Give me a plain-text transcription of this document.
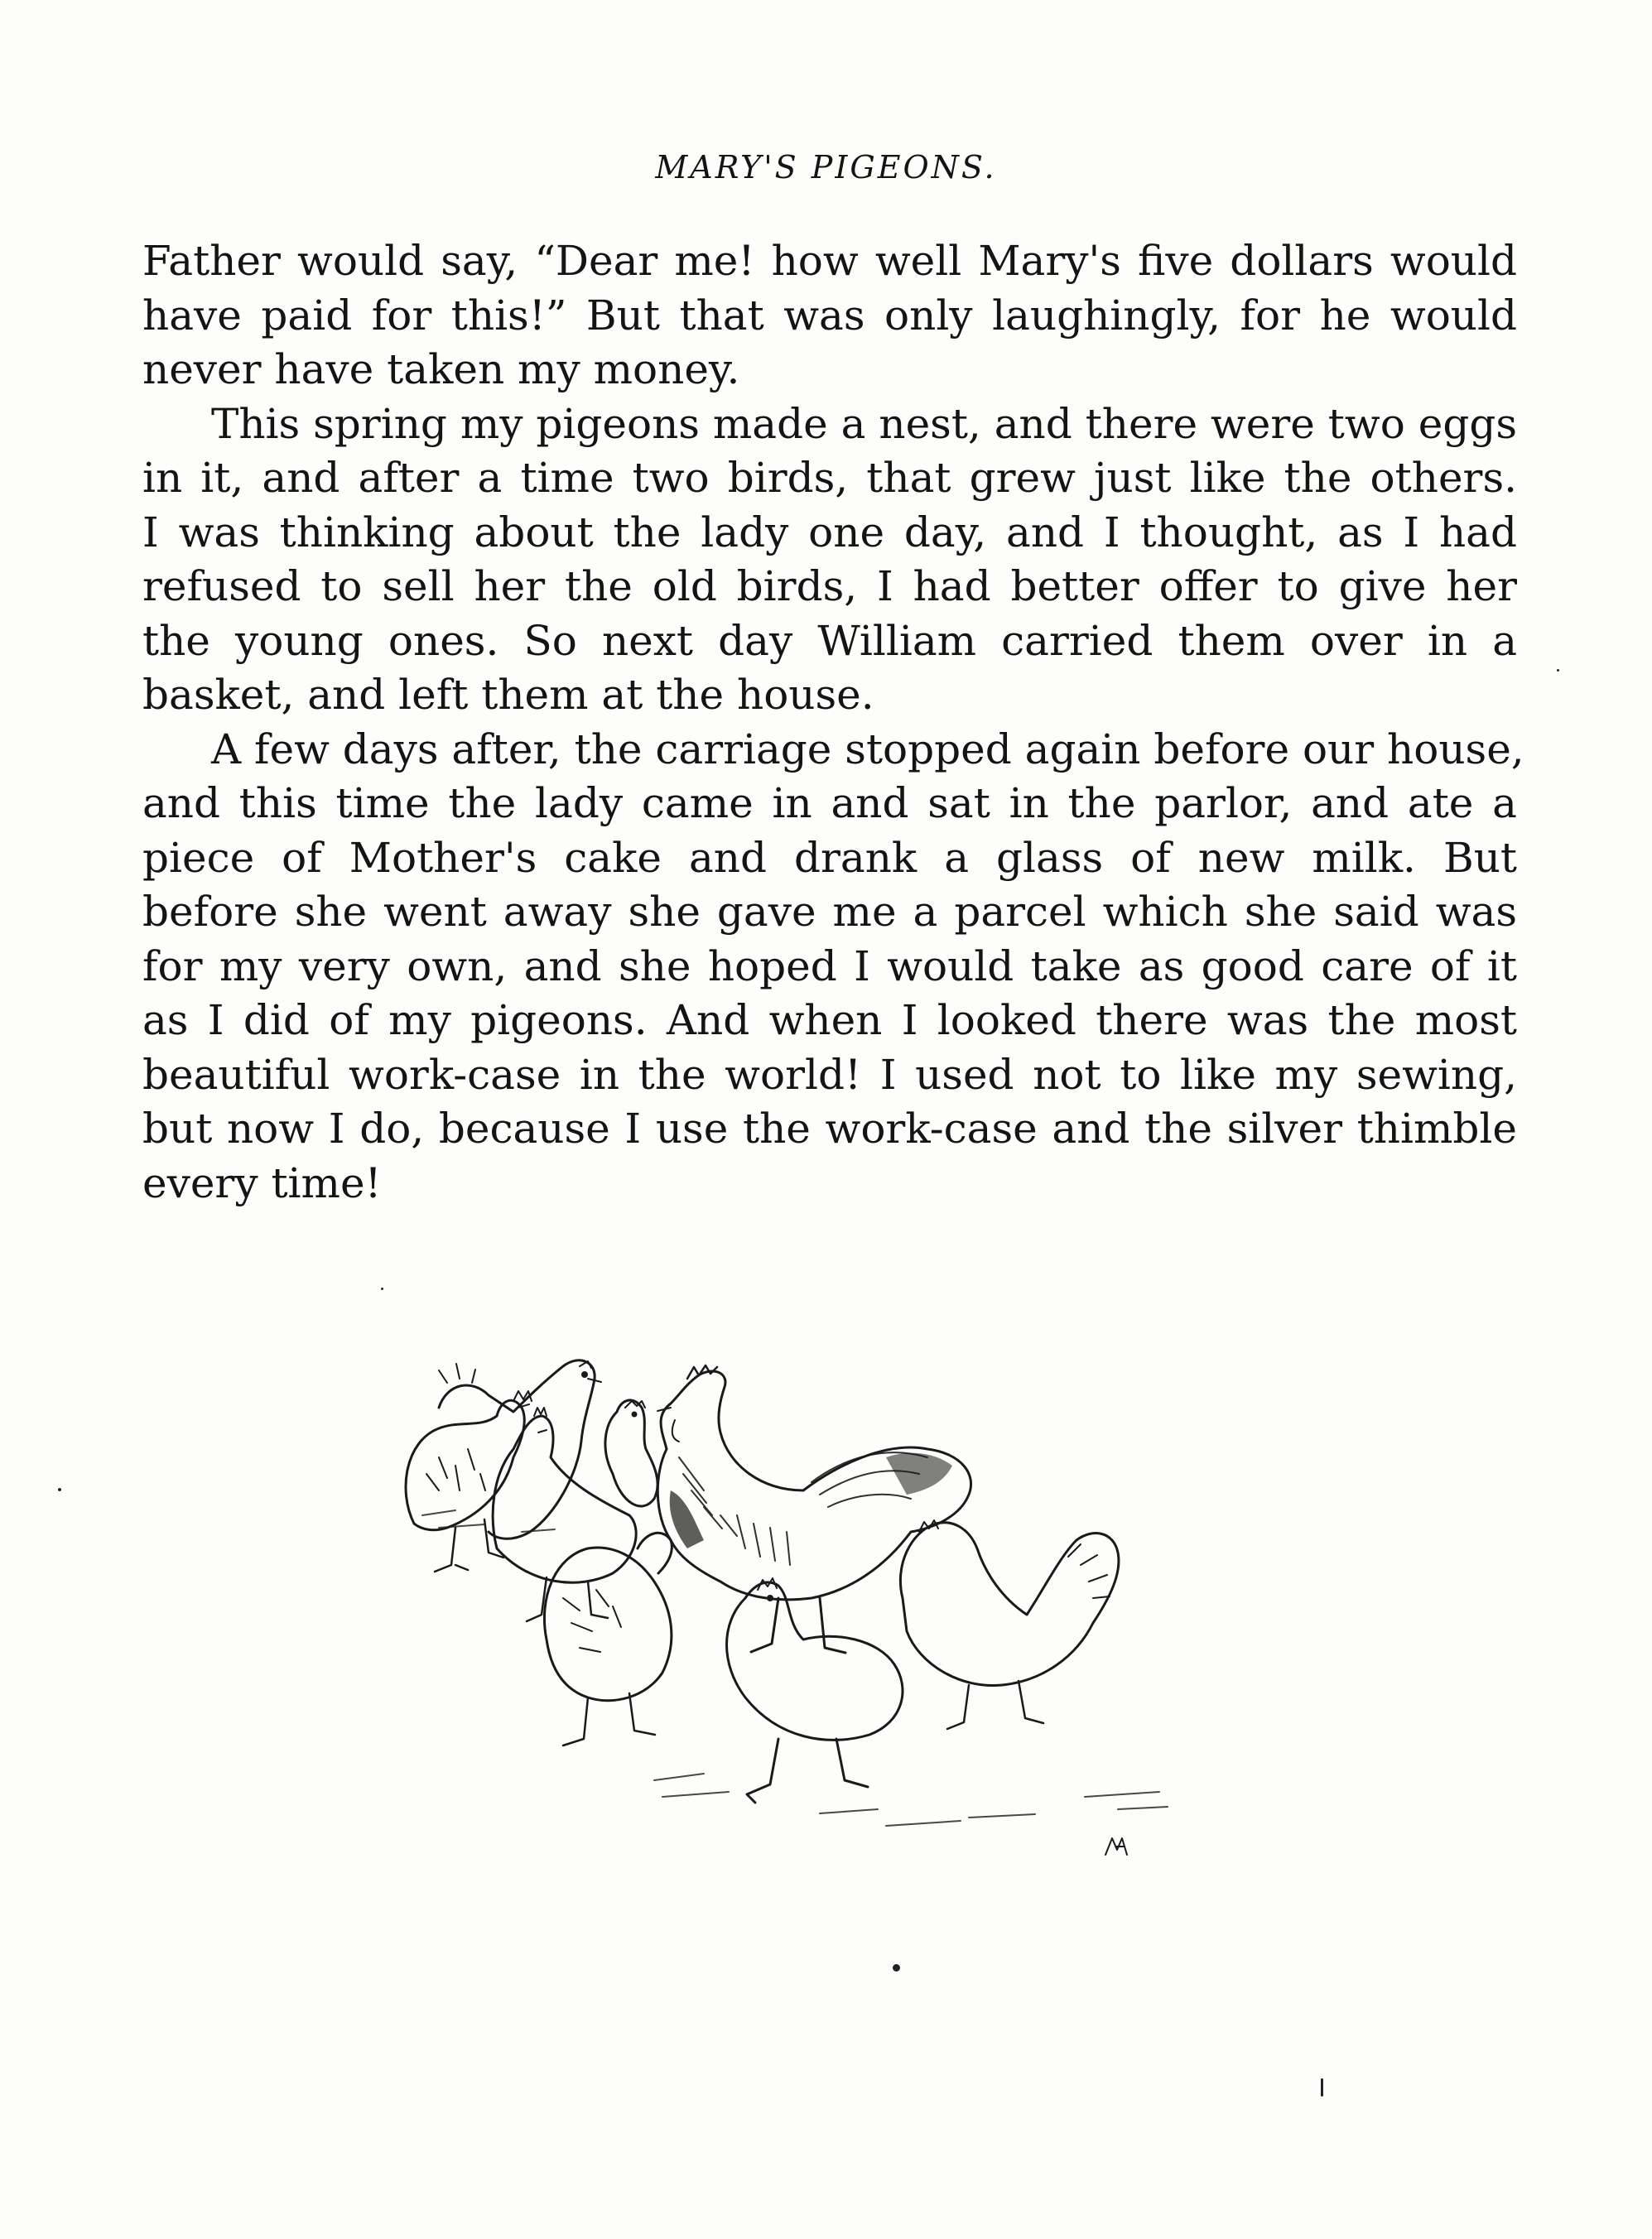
MARY'S PIGEONS.
Father would say, “Dear me! how well Mary's five dollars would
have paid for this!” But that was only laughingly, for he would
never have taken my money.
This spring my pigeons made a nest, and there were two eggs
in it, and after a time two birds, that grew just like the others.
I was thinking about the lady one day, and I thought, as I had
refused to sell her the old birds, I had better offer to give her
the young ones. So next day William carried them over in a
basket, and left them at the house.
A few days after, the carriage stopped again before our house,
and this time the lady came in and sat in the parlor, and ate a
piece of Mother's cake and drank a glass of new milk. But
before she went away she gave me a parcel which she said was
for my very own, and she hoped I would take as good care of it
as I did of my pigeons. And when I looked there was the most
beautiful work-case in the world! I used not to like my sewing,
but now I do, because I use the work-case and the silver thimble
every time!
HM
